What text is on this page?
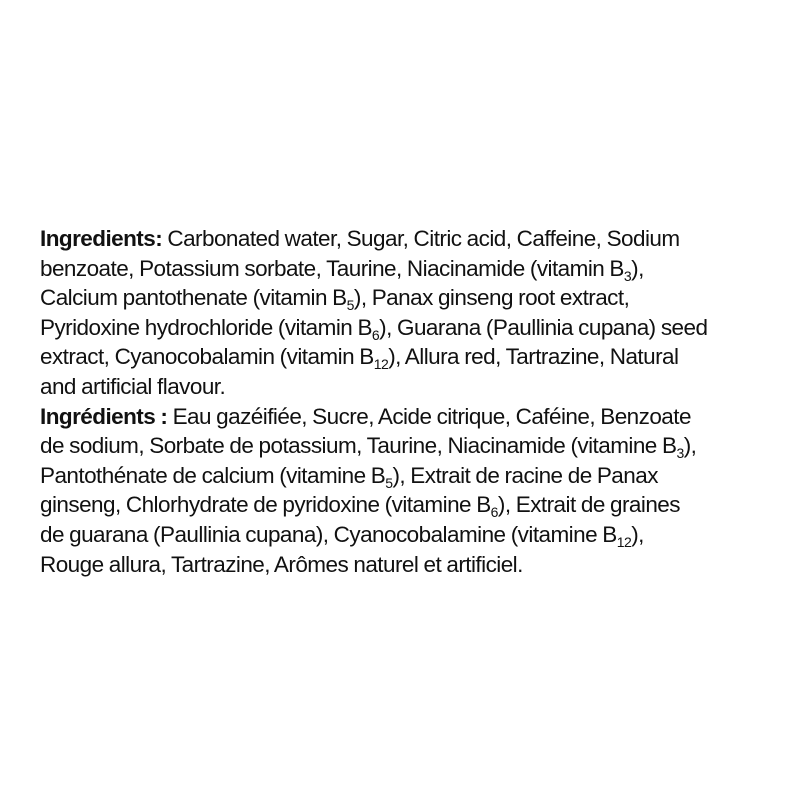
Ingredients: Carbonated water, Sugar, Citric acid, Caffeine, Sodium
benzoate, Potassium sorbate, Taurine, Niacinamide (vitamin $B_3$),
Calcium pantothenate (vitamin $B_5$), Panax ginseng root extract,
Pyridoxine hydrochloride (vitamin $B_6$), Guarana (Paullinia cupana) seed
extract, Cyanocobalamin (vitamin $B_{12}$), Allura red, Tartrazine, Natural
and artificial flavour.
Ingrédients : Eau gazéifiée, Sucre, Acide citrique, Caféine, Benzoate
de sodium, Sorbate de potassium, Taurine, Niacinamide (vitamine $B_3$),
Pantothénate de calcium (vitamine $B_5$), Extrait de racine de Panax
ginseng, Chlorhydrate de pyridoxine (vitamine $B_6$), Extrait de graines
de guarana (Paullinia cupana), Cyanocobalamine (vitamine $B_{12}$),
Rouge allura, Tartrazine, Arômes naturel et artificiel.
